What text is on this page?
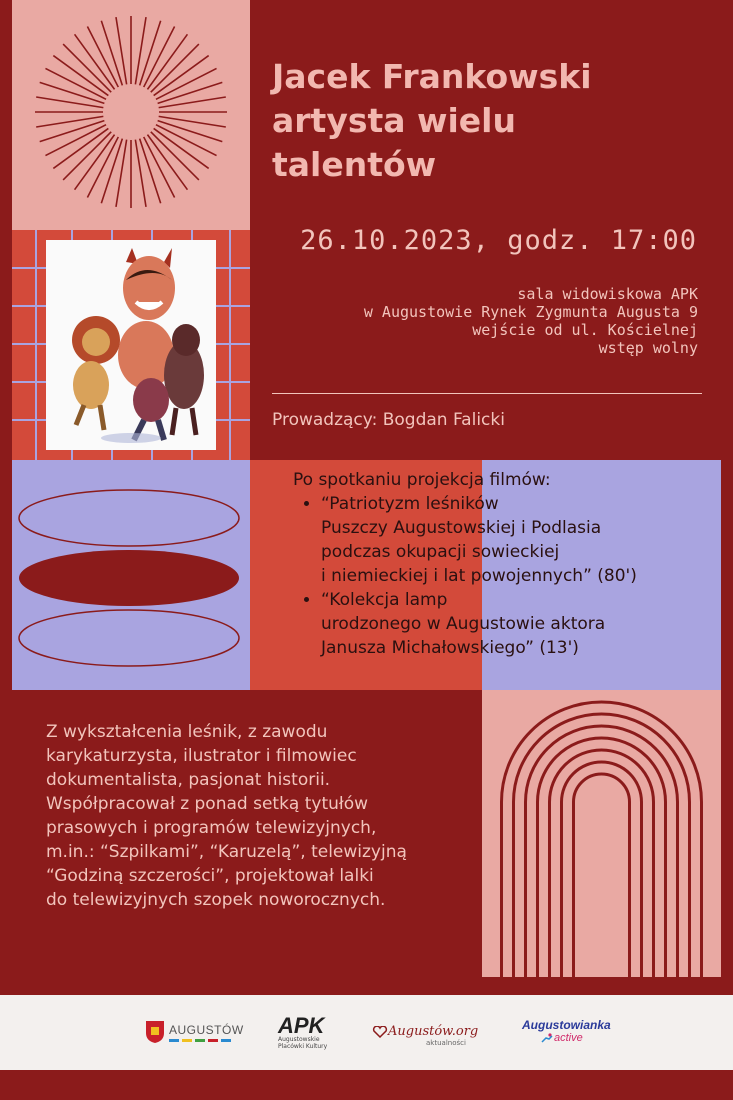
Jacek Frankowski
artysta wielu
talentów
26.10.2023, godz. 17:00
sala widowiskowa APK
w Augustowie Rynek Zygmunta Augusta 9
wejście od ul. Kościelnej
wstęp wolny
Prowadzący: Bogdan Falicki
Po spotkaniu projekcja filmów:
• “Patriotyzm leśników
Puszczy Augustowskiej i Podlasia
podczas okupacji sowieckiej
i niemieckiej i lat powojennych” (80')
• “Kolekcja lamp
urodzonego w Augustowie aktora
Janusza Michałowskiego” (13')
Z wykształcenia leśnik, z zawodu
karykaturzysta, ilustrator i filmowiec
dokumentalista, pasjonat historii.
Współpracował z ponad setką tytułów
prasowych i programów telewizyjnych,
m.in.: “Szpilkami”, “Karuzelą”, telewizyjną
“Godziną szczerości”, projektował lalki
do telewizyjnych szopek noworocznych.
AUGUSTÓW APK
Augustowskie
Placówki Kultury
Augustów.org
aktualności
Augustowianka
active
